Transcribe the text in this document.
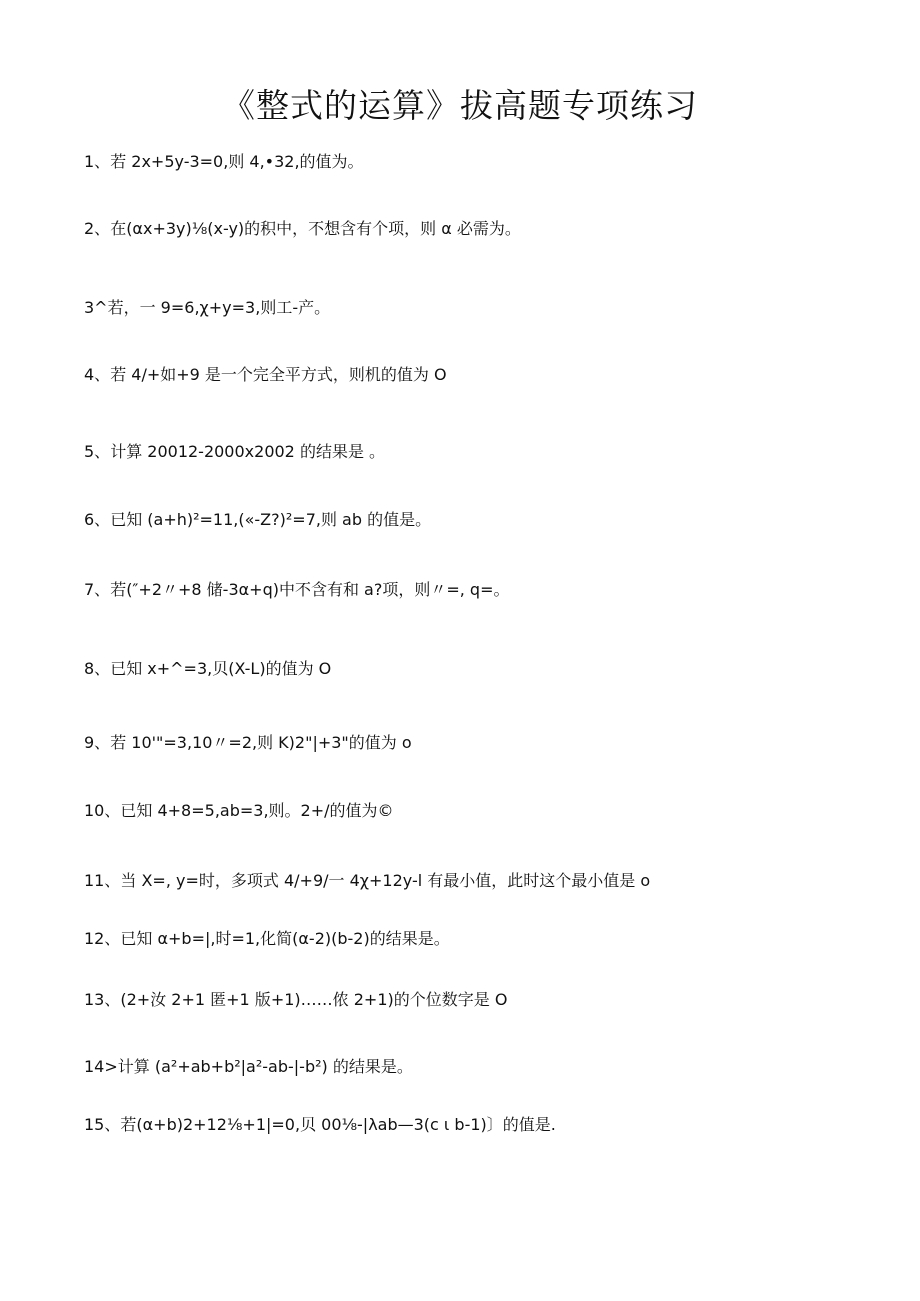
《整式的运算》拔高题专项练习
1、若 2x+5y-3=0,则 4,•32,的值为。
2、在(αx+3y)⅛(x-y)的积中，不想含有个项，则 α 必需为。
3^若，一 9=6,χ+y=3,则工-产。
4、若 4/+如+9 是一个完全平方式，则机的值为 O
5、计算 20012-2000x2002 的结果是 。
6、已知 (a+h)²=11,(«-Z?)²=7,则 ab 的值是。
7、若(″+2〃+8 储-3α+q)中不含有和 a?项，则〃=, q=。
8、已知 x+^=3,贝(X-L)的值为 O
9、若 10'"=3,10〃=2,则 K)2"|+3"的值为 o
10、已知 4+8=5,ab=3,则。2+/的值为©
11、当 X=, y=时，多项式 4/+9/一 4χ+12y-l 有最小值，此时这个最小值是 o
12、已知 α+b=|,时=1,化简(α-2)(b-2)的结果是。
13、(2+汝 2+1 匿+1 版+1)……侬 2+1)的个位数字是 O
14>计算 (a²+ab+b²|a²-ab-|-b²) 的结果是。
15、若(α+b)2+12⅛+1|=0,贝 00⅛-|λab—3(c ι b-1)〕的值是.
